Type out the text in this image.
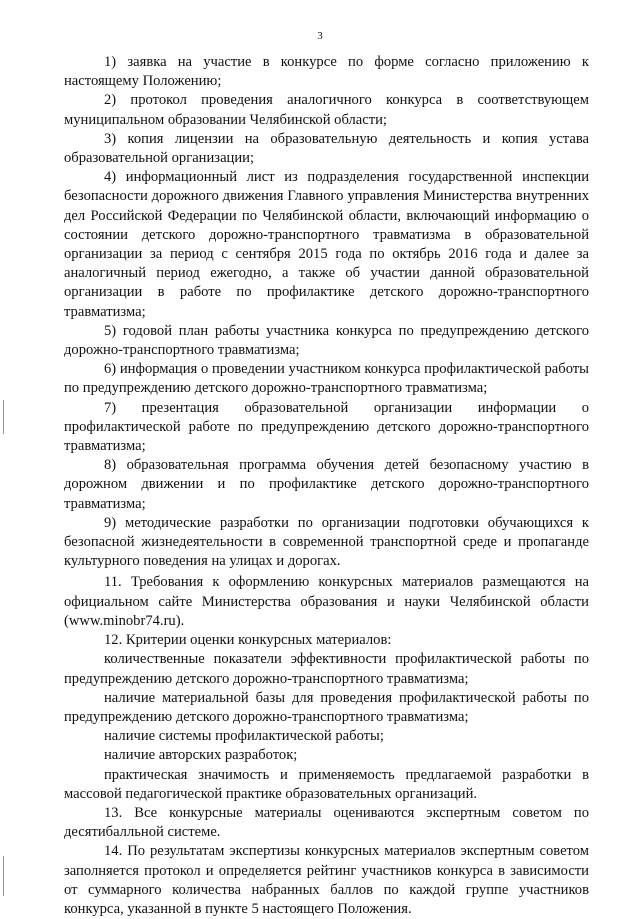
3

1) заявка на участие в конкурсе по форме согласно приложению к настоящему Положению;

2) протокол проведения аналогичного конкурса в соответствующем муниципальном образовании Челябинской области;

3) копия лицензии на образовательную деятельность и копия устава образовательной организации;

4) информационный лист из подразделения государственной инспекции безопасности дорожного движения Главного управления Министерства внутренних дел Российской Федерации по Челябинской области, включающий информацию о состоянии детского дорожно-транспортного травматизма в образовательной организации за период с сентября 2015 года по октябрь 2016 года и далее за аналогичный период ежегодно, а также об участии данной образовательной организации в работе по профилактике детского дорожно-транспортного травматизма;

5) годовой план работы участника конкурса по предупреждению детского дорожно-транспортного травматизма;

6) информация о проведении участником конкурса профилактической работы по предупреждению детского дорожно-транспортного травматизма;

7) презентация образовательной организации информации о профилактической работе по предупреждению детского дорожно-транспортного травматизма;

8) образовательная программа обучения детей безопасному участию в дорожном движении и по профилактике детского дорожно-транспортного травматизма;

9) методические разработки по организации подготовки обучающихся к безопасной жизнедеятельности в современной транспортной среде и пропаганде культурного поведения на улицах и дорогах.

11. Требования к оформлению конкурсных материалов размещаются на официальном сайте Министерства образования и науки Челябинской области (www.minobr74.ru).

12. Критерии оценки конкурсных материалов:

количественные показатели эффективности профилактической работы по предупреждению детского дорожно-транспортного травматизма;

наличие материальной базы для проведения профилактической работы по предупреждению детского дорожно-транспортного травматизма;

наличие системы профилактической работы;

наличие авторских разработок;

практическая значимость и применяемость предлагаемой разработки в массовой педагогической практике образовательных организаций.

13. Все конкурсные материалы оцениваются экспертным советом по десятибалльной системе.

14. По результатам экспертизы конкурсных материалов экспертным советом заполняется протокол и определяется рейтинг участников конкурса в зависимости от суммарного количества набранных баллов по каждой группе участников конкурса, указанной в пункте 5 настоящего Положения.
